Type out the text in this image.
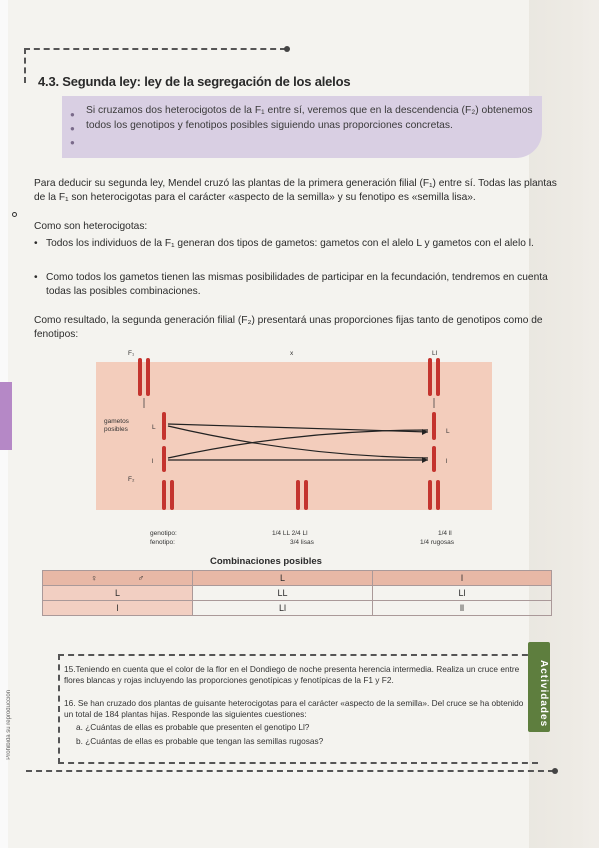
4.3. Segunda ley: ley de la segregación de los alelos
●
●
●
Si cruzamos dos heterocigotos de la F₁ entre sí, veremos que en la descendencia (F₂) obtenemos todos los genotipos y fenotipos posibles siguiendo unas proporciones concretas.
Para deducir su segunda ley, Mendel cruzó las plantas de la primera generación filial (F₁) entre sí. Todas las plantas de la F₁ son heterocigotas para el carácter «aspecto de la semilla» y su fenotipo es «semilla lisa».
Como son heterocigotas:
• Todos los individuos de la F₁ generan dos tipos de gametos: gametos con el alelo L y gametos con el alelo l.
• Como todos los gametos tienen las mismas posibilidades de participar en la fecundación, tendremos en cuenta todas las posibles combinaciones.
Como resultado, la segunda generación filial (F₂) presentará unas proporciones fijas tanto de genotipos como de fenotipos:
F₁	x	Ll
gametos posibles	L
l
L
l
F₂
genotipo:
fenotipo:
1/4 LL 2/4 Ll
3/4 lisas
1/4 ll
1/4 rugosas
Combinaciones posibles
♀ ♂	L	l
L	LL	Ll
l	Ll	ll
Actividades
15.Teniendo en cuenta que el color de la flor en el Dondiego de noche presenta herencia intermedia. Realiza un cruce entre flores blancas y rojas incluyendo las proporciones genotípicas y fenotípicas de la F1 y F2.
16. Se han cruzado dos plantas de guisante heterocigotas para el carácter «aspecto de la semilla». Del cruce se ha obtenido un total de 184 plantas hijas. Responde las siguientes cuestiones:
a. ¿Cuántas de ellas es probable que presenten el genotipo Ll?
b. ¿Cuántas de ellas es probable que tengan las semillas rugosas?
Prohibida su reproducción
